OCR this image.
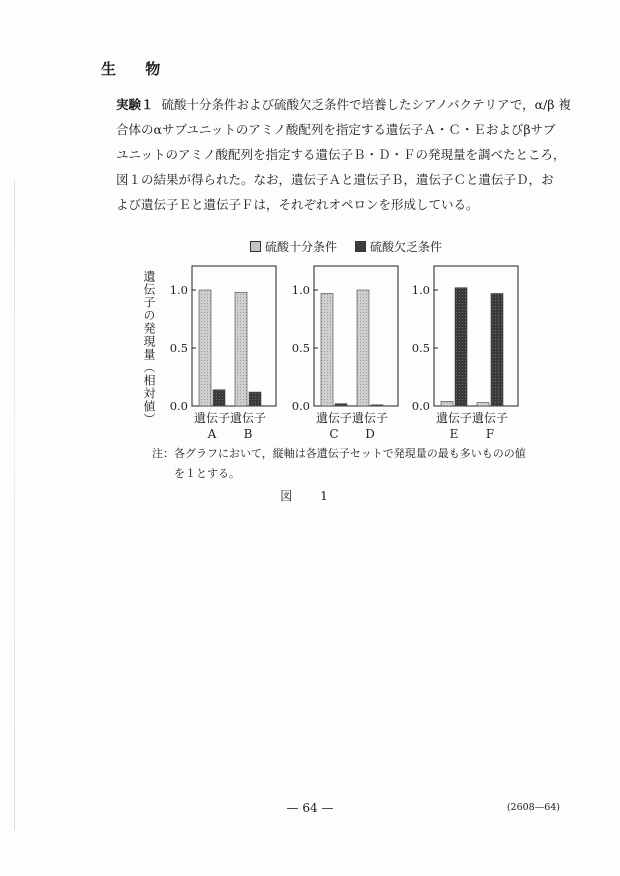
生 物
実験１ 硫酸十分条件および硫酸欠乏条件で培養したシアノバクテリアで，α/β 複
合体のαサブユニットのアミノ酸配列を指定する遺伝子Ａ・Ｃ・Ｅおよびβサブ
ユニットのアミノ酸配列を指定する遺伝子Ｂ・Ｄ・Ｆの発現量を調べたところ，
図１の結果が得られた。なお，遺伝子Ａと遺伝子Ｂ，遺伝子Ｃと遺伝子Ｄ，お
よび遺伝子Ｅと遺伝子Ｆは，それぞれオペロンを形成している。
硫酸十分条件	硫酸欠乏条件
遺伝子の発現量（相対値） 1.0
0.5
0.0
遺伝子
A
遺伝子
B
1.0
0.5
0.0
遺伝子
C
遺伝子
D
1.0
0.5
0.0
遺伝子
E
遺伝子
F
注：各グラフにおいて，縦軸は各遺伝子セットで発現量の最も多いものの値
を１とする。
図 1
— 64 —	(2608—64)
